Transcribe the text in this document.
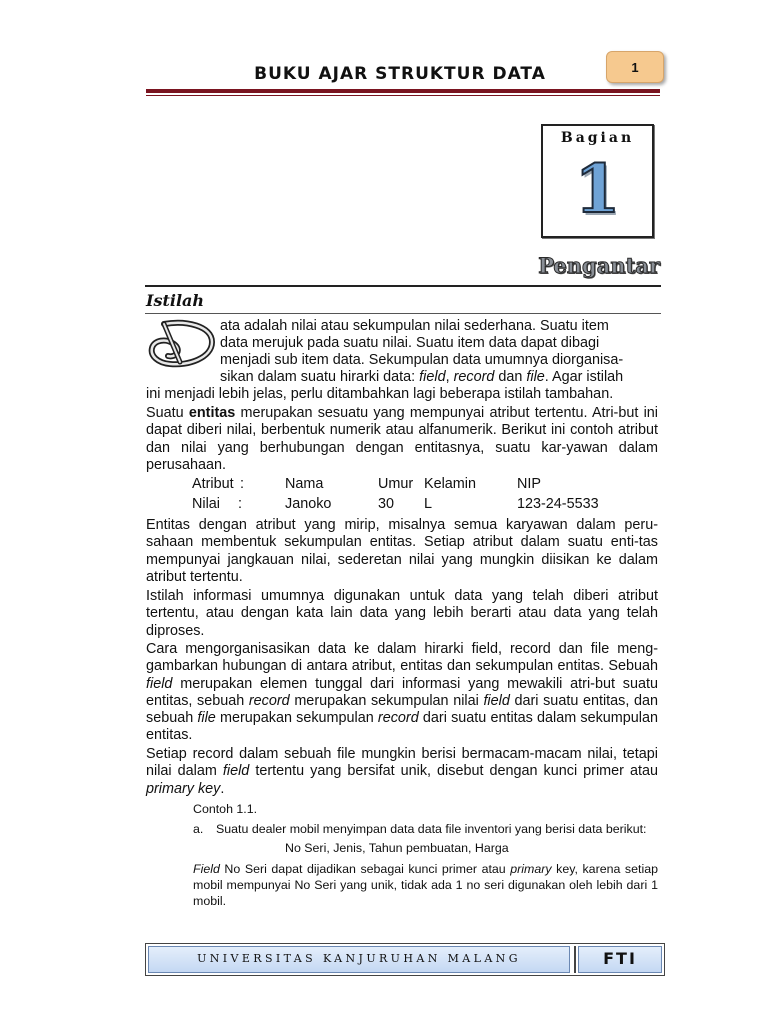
BUKU AJAR STRUKTUR DATA	1
Bagian
1
Pengantar
Istilah
ata adalah nilai atau sekumpulan nilai sederhana. Suatu item
data merujuk pada suatu nilai. Suatu item data dapat dibagi
menjadi sub item data. Sekumpulan data umumnya diorganisa-
sikan dalam suatu hirarki data: field, record dan file. Agar istilah
ini menjadi lebih jelas, perlu ditambahkan lagi beberapa istilah tambahan.
Suatu entitas merupakan sesuatu yang mempunyai atribut tertentu. Atri-but ini dapat diberi nilai, berbentuk numerik atau alfanumerik. Berikut ini contoh atribut dan nilai yang berhubungan dengan entitasnya, suatu kar-yawan dalam perusahaan.
Atribut :	Nama	Umur Kelamin	NIP
Nilai :	Janoko	30 L	123-24-5533
Entitas dengan atribut yang mirip, misalnya semua karyawan dalam peru-sahaan membentuk sekumpulan entitas. Setiap atribut dalam suatu enti-tas mempunyai jangkauan nilai, sederetan nilai yang mungkin diisikan ke dalam atribut tertentu.
Istilah informasi umumnya digunakan untuk data yang telah diberi atribut tertentu, atau dengan kata lain data yang lebih berarti atau data yang telah diproses.
Cara mengorganisasikan data ke dalam hirarki field, record dan file meng-gambarkan hubungan di antara atribut, entitas dan sekumpulan entitas. Sebuah field merupakan elemen tunggal dari informasi yang mewakili atri-but suatu entitas, sebuah record merupakan sekumpulan nilai field dari suatu entitas, dan sebuah file merupakan sekumpulan record dari suatu entitas dalam sekumpulan entitas.
Setiap record dalam sebuah file mungkin berisi bermacam-macam nilai, tetapi nilai dalam field tertentu yang bersifat unik, disebut dengan kunci primer atau primary key.
Contoh 1.1.
a. Suatu dealer mobil menyimpan data data file inventori yang berisi data berikut:
No Seri, Jenis, Tahun pembuatan, Harga
Field No Seri dapat dijadikan sebagai kunci primer atau primary key, karena setiap mobil mempunyai No Seri yang unik, tidak ada 1 no seri digunakan oleh lebih dari 1 mobil.
UNIVERSITAS KANJURUHAN MALANG	FTI
